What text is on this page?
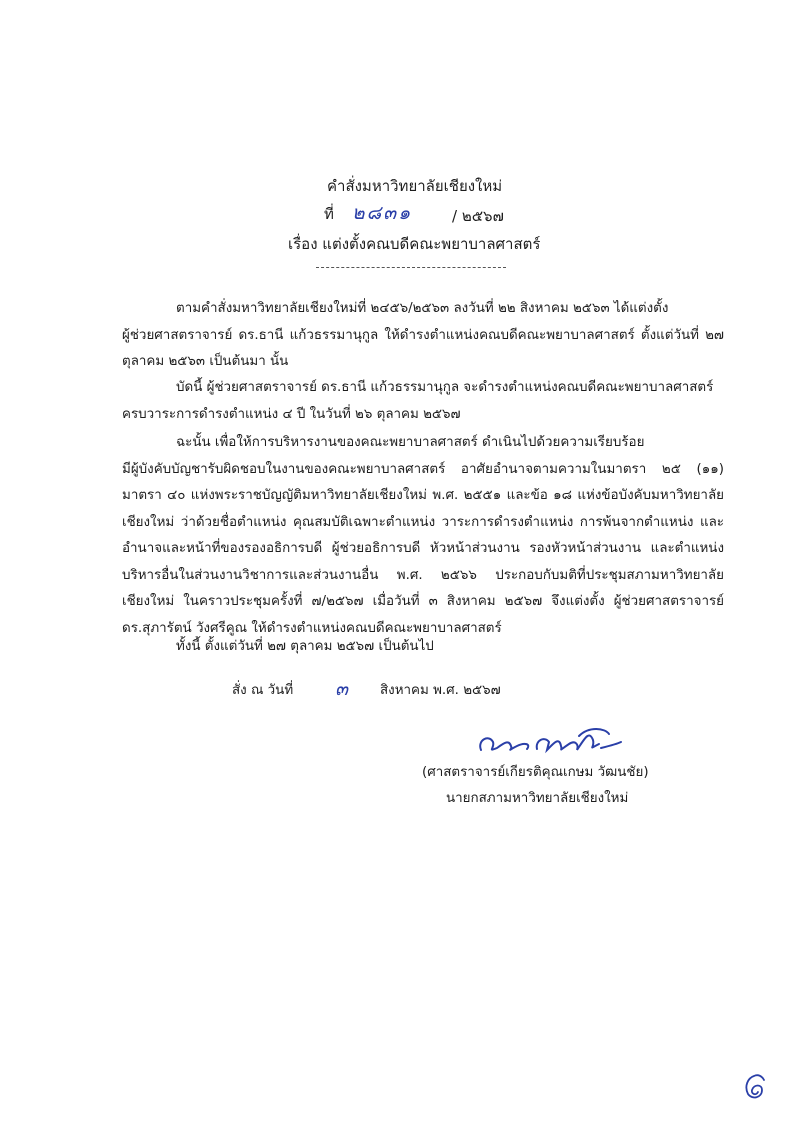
คำสั่งมหาวิทยาลัยเชียงใหม่
ที่ ๒๘๓๑	/ ๒๕๖๗
เรื่อง แต่งตั้งคณบดีคณะพยาบาลศาสตร์
ตามคำสั่งมหาวิทยาลัยเชียงใหม่ที่ ๒๔๕๖/๒๕๖๓ ลงวันที่ ๒๒ สิงหาคม ๒๕๖๓ ได้แต่งตั้ง
ผู้ช่วยศาสตราจารย์ ดร.ธานี แก้วธรรมานุกูล ให้ดำรงตำแหน่งคณบดีคณะพยาบาลศาสตร์ ตั้งแต่วันที่ ๒๗ ตุลาคม ๒๕๖๓ เป็นต้นมา นั้น
บัดนี้ ผู้ช่วยศาสตราจารย์ ดร.ธานี แก้วธรรมานุกูล จะดำรงตำแหน่งคณบดีคณะพยาบาลศาสตร์
ครบวาระการดำรงตำแหน่ง ๔ ปี ในวันที่ ๒๖ ตุลาคม ๒๕๖๗
ฉะนั้น เพื่อให้การบริหารงานของคณะพยาบาลศาสตร์ ดำเนินไปด้วยความเรียบร้อย
มีผู้บังคับบัญชารับผิดชอบในงานของคณะพยาบาลศาสตร์ อาศัยอำนาจตามความในมาตรา ๒๕ (๑๑) มาตรา ๔๐ แห่งพระราชบัญญัติมหาวิทยาลัยเชียงใหม่ พ.ศ. ๒๕๕๑ และข้อ ๑๘ แห่งข้อบังคับมหาวิทยาลัยเชียงใหม่ ว่าด้วยชื่อตำแหน่ง คุณสมบัติเฉพาะตำแหน่ง วาระการดำรงตำแหน่ง การพ้นจากตำแหน่ง และอำนาจและหน้าที่ของรองอธิการบดี ผู้ช่วยอธิการบดี หัวหน้าส่วนงาน รองหัวหน้าส่วนงาน และตำแหน่งบริหารอื่นในส่วนงานวิชาการและส่วนงานอื่น พ.ศ. ๒๕๖๖ ประกอบกับมติที่ประชุมสภามหาวิทยาลัยเชียงใหม่ ในคราวประชุมครั้งที่ ๗/๒๕๖๗ เมื่อวันที่ ๓ สิงหาคม ๒๕๖๗ จึงแต่งตั้ง ผู้ช่วยศาสตราจารย์ ดร.สุภารัตน์ วังศรีคูณ ให้ดำรงตำแหน่งคณบดีคณะพยาบาลศาสตร์
ทั้งนี้ ตั้งแต่วันที่ ๒๗ ตุลาคม ๒๕๖๗ เป็นต้นไป
สั่ง ณ วันที่ ๓ สิงหาคม พ.ศ. ๒๕๖๗
(ศาสตราจารย์เกียรติคุณเกษม วัฒนชัย)
นายกสภามหาวิทยาลัยเชียงใหม่
